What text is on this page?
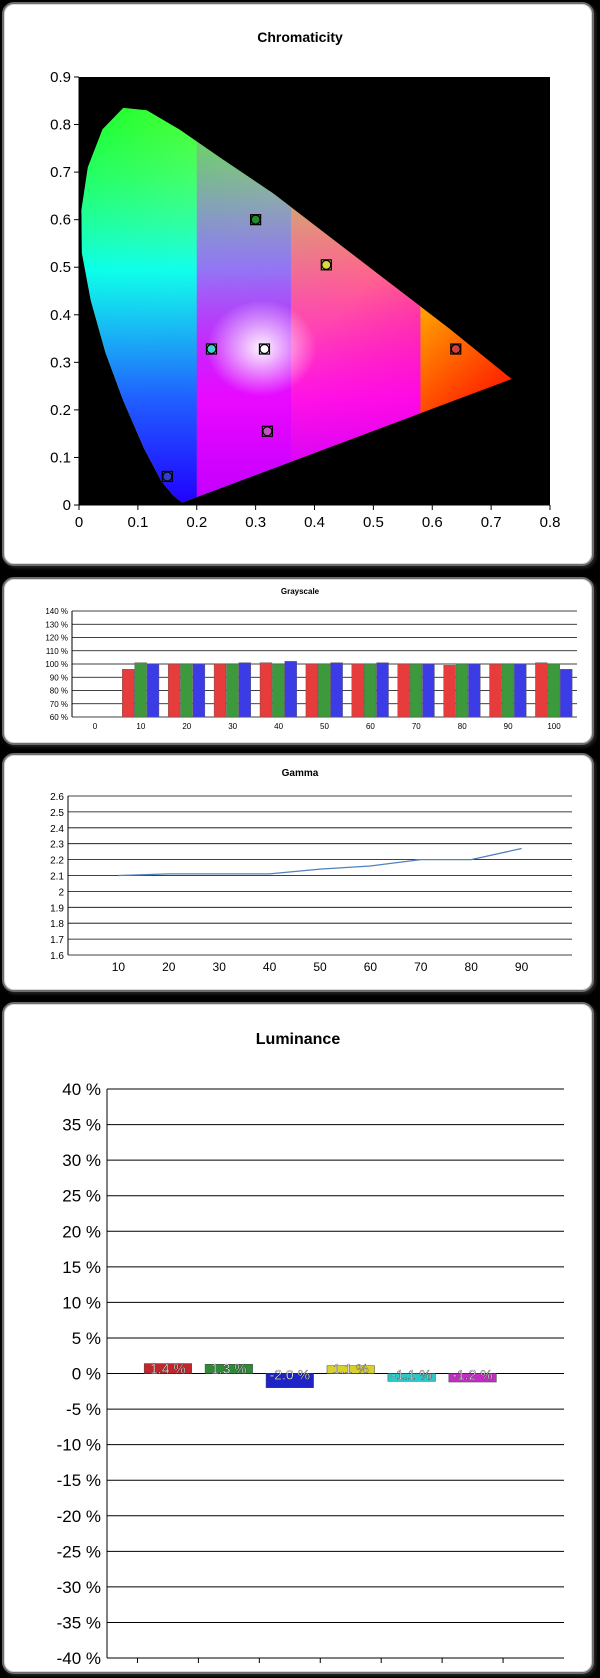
Chromaticity
0	0.1	0.2	0.3	0.4	0.5	0.6	0.7	0.8
0
0.1
0.2
0.3
0.4
0.5
0.6
0.7
0.8
0.9
Grayscale
140 %
130 %
120 %
110 %
100 %
90 %
80 %
70 %
60 %
0	10	20	30	40	50	60	70	80	90	100
Gamma
2.6
2.5
2.4
2.3
2.2
2.1
2
1.9
1.8
1.7
1.6
10	20	30	40	50	60	70	80	90
Luminance
40 %
35 %
30 %
25 %
20 %
15 %
10 %
5 %
0 %
-5 %
-10 %
-15 %
-20 %
-25 %
-30 %
-35 %
-40 %
1.4 % 1.3 % -2.0 % 1.1 % -1.1 % -1.2 %
